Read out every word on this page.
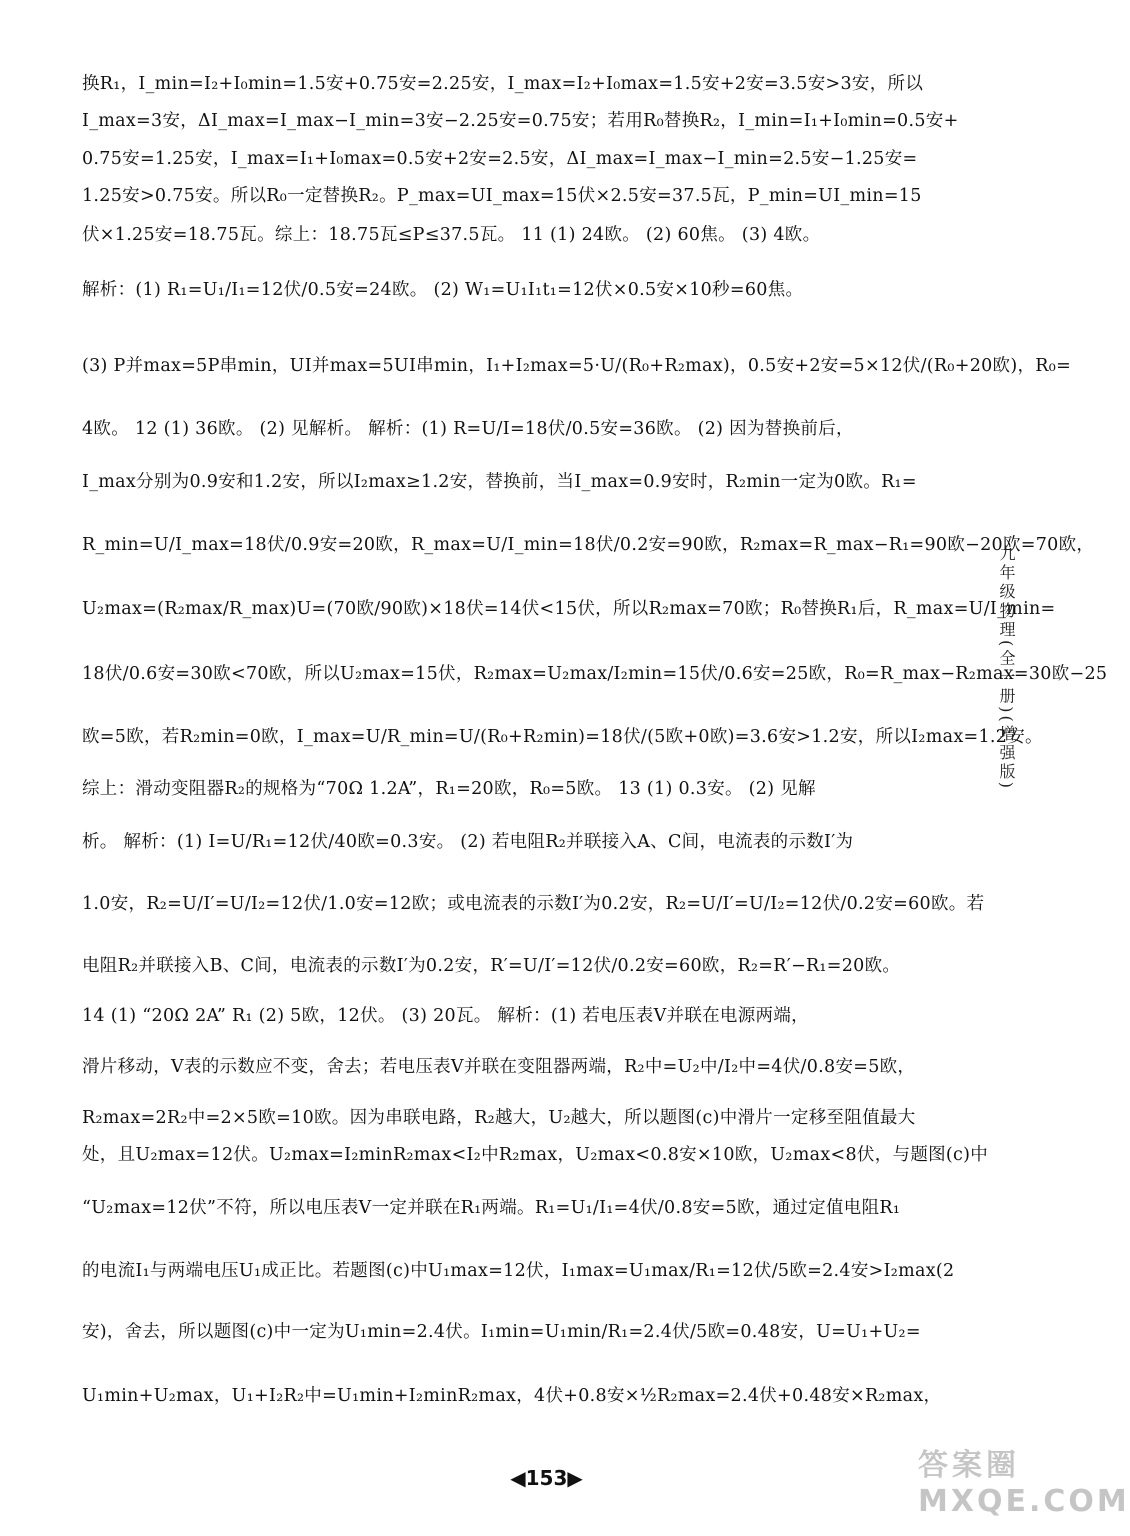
换R₁，I_min=I₂+I₀min=1.5安+0.75安=2.25安，I_max=I₂+I₀max=1.5安+2安=3.5安>3安，所以
I_max=3安，ΔI_max=I_max−I_min=3安−2.25安=0.75安；若用R₀替换R₂，I_min=I₁+I₀min=0.5安+
0.75安=1.25安，I_max=I₁+I₀max=0.5安+2安=2.5安，ΔI_max=I_max−I_min=2.5安−1.25安=
1.25安>0.75安。所以R₀一定替换R₂。P_max=UI_max=15伏×2.5安=37.5瓦，P_min=UI_min=15
伏×1.25安=18.75瓦。综上：18.75瓦≤P≤37.5瓦。 11 (1) 24欧。 (2) 60焦。 (3) 4欧。
解析：(1) R₁=U₁/I₁=12伏/0.5安=24欧。 (2) W₁=U₁I₁t₁=12伏×0.5安×10秒=60焦。
(3) P并max=5P串min，UI并max=5UI串min，I₁+I₂max=5·U/(R₀+R₂max)，0.5安+2安=5×12伏/(R₀+20欧)，R₀=
4欧。 12 (1) 36欧。 (2) 见解析。 解析：(1) R=U/I=18伏/0.5安=36欧。 (2) 因为替换前后，
I_max分别为0.9安和1.2安，所以I₂max≥1.2安，替换前，当I_max=0.9安时，R₂min一定为0欧。R₁=
R_min=U/I_max=18伏/0.9安=20欧，R_max=U/I_min=18伏/0.2安=90欧，R₂max=R_max−R₁=90欧−20欧=70欧，
U₂max=(R₂max/R_max)U=(70欧/90欧)×18伏=14伏<15伏，所以R₂max=70欧；R₀替换R₁后，R_max=U/I_min=
18伏/0.6安=30欧<70欧，所以U₂max=15伏，R₂max=U₂max/I₂min=15伏/0.6安=25欧，R₀=R_max−R₂max=30欧−25
欧=5欧，若R₂min=0欧，I_max=U/R_min=U/(R₀+R₂min)=18伏/(5欧+0欧)=3.6安>1.2安，所以I₂max=1.2安。
综上：滑动变阻器R₂的规格为“70Ω 1.2A”，R₁=20欧，R₀=5欧。 13 (1) 0.3安。 (2) 见解
析。 解析：(1) I=U/R₁=12伏/40欧=0.3安。 (2) 若电阻R₂并联接入A、C间，电流表的示数I′为
1.0安，R₂=U/I′=U/I₂=12伏/1.0安=12欧；或电流表的示数I′为0.2安，R₂=U/I′=U/I₂=12伏/0.2安=60欧。若
电阻R₂并联接入B、C间，电流表的示数I′为0.2安，R′=U/I′=12伏/0.2安=60欧，R₂=R′−R₁=20欧。
14 (1) “20Ω 2A” R₁ (2) 5欧，12伏。 (3) 20瓦。 解析：(1) 若电压表V并联在电源两端，
滑片移动，V表的示数应不变，舍去；若电压表V并联在变阻器两端，R₂中=U₂中/I₂中=4伏/0.8安=5欧，
R₂max=2R₂中=2×5欧=10欧。因为串联电路，R₂越大，U₂越大，所以题图(c)中滑片一定移至阻值最大
处，且U₂max=12伏。U₂max=I₂minR₂max<I₂中R₂max，U₂max<0.8安×10欧，U₂max<8伏，与题图(c)中
“U₂max=12伏”不符，所以电压表V一定并联在R₁两端。R₁=U₁/I₁=4伏/0.8安=5欧，通过定值电阻R₁
的电流I₁与两端电压U₁成正比。若题图(c)中U₁max=12伏，I₁max=U₁max/R₁=12伏/5欧=2.4安>I₂max(2
安)，舍去，所以题图(c)中一定为U₁min=2.4伏。I₁min=U₁min/R₁=2.4伏/5欧=0.48安，U=U₁+U₂=
U₁min+U₂max，U₁+I₂R₂中=U₁min+I₂minR₂max，4伏+0.8安×½R₂max=2.4伏+0.48安×R₂max，
九年级物理(全一册)(增强版)
◀153▶	答案圈
MXQE.COM
